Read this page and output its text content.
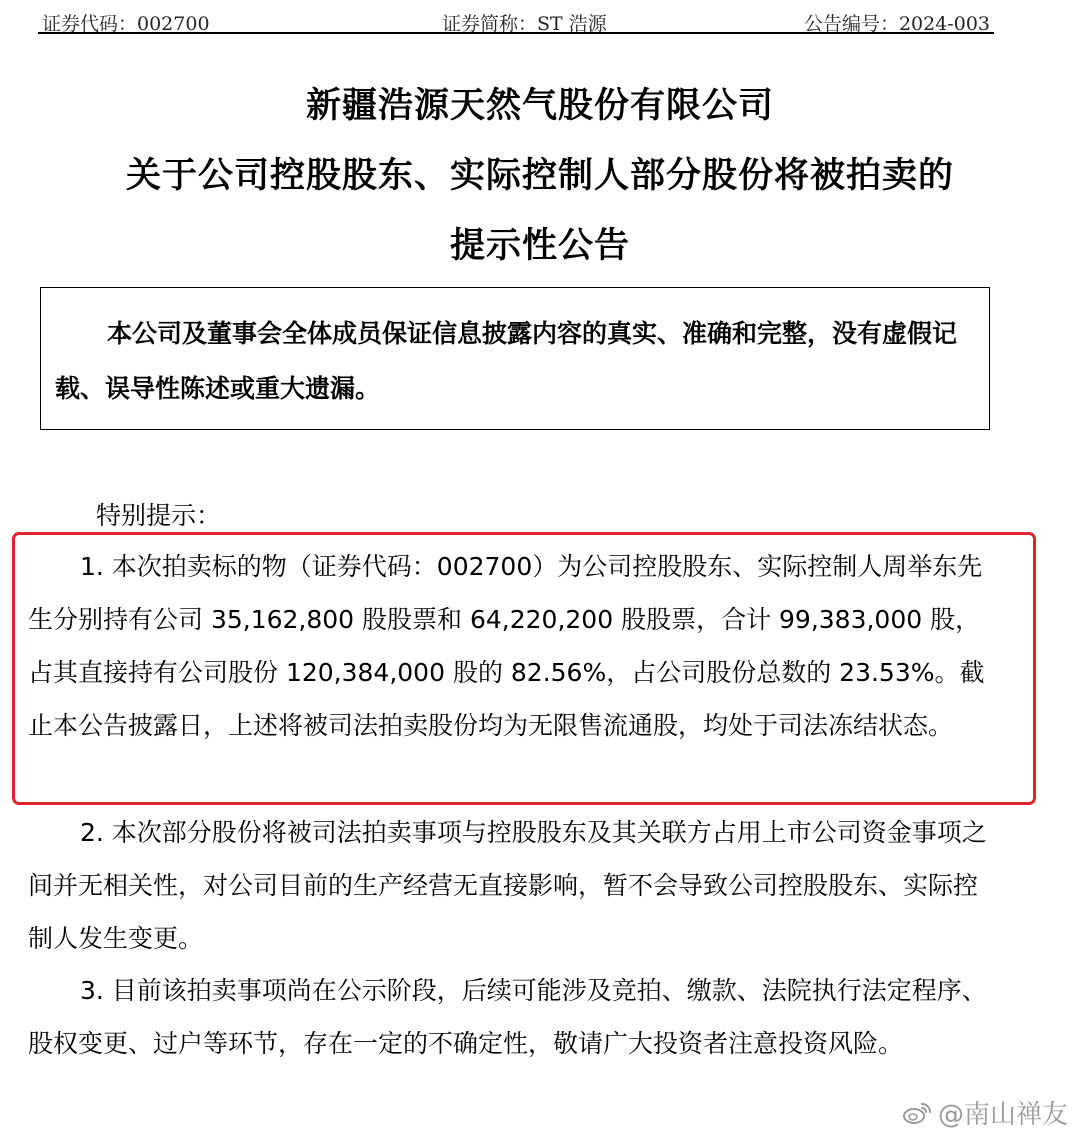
证券代码：002700	证券简称：ST 浩源	公告编号：2024-003
新疆浩源天然气股份有限公司
关于公司控股股东、实际控制人部分股份将被拍卖的
提示性公告

本公司及董事会全体成员保证信息披露内容的真实、准确和完整，没有虚假记载、误导性陈述或重大遗漏。

特别提示：

1. 本次拍卖标的物（证券代码：002700）为公司控股股东、实际控制人周举东先生分别持有公司 35,162,800 股股票和 64,220,200 股股票，合计 99,383,000 股，占其直接持有公司股份 120,384,000 股的 82.56%，占公司股份总数的 23.53%。截止本公告披露日，上述将被司法拍卖股份均为无限售流通股，均处于司法冻结状态。

2. 本次部分股份将被司法拍卖事项与控股股东及其关联方占用上市公司资金事项之间并无相关性，对公司目前的生产经营无直接影响，暂不会导致公司控股股东、实际控制人发生变更。

3. 目前该拍卖事项尚在公示阶段，后续可能涉及竞拍、缴款、法院执行法定程序、股权变更、过户等环节，存在一定的不确定性，敬请广大投资者注意投资风险。

@南山禅友
